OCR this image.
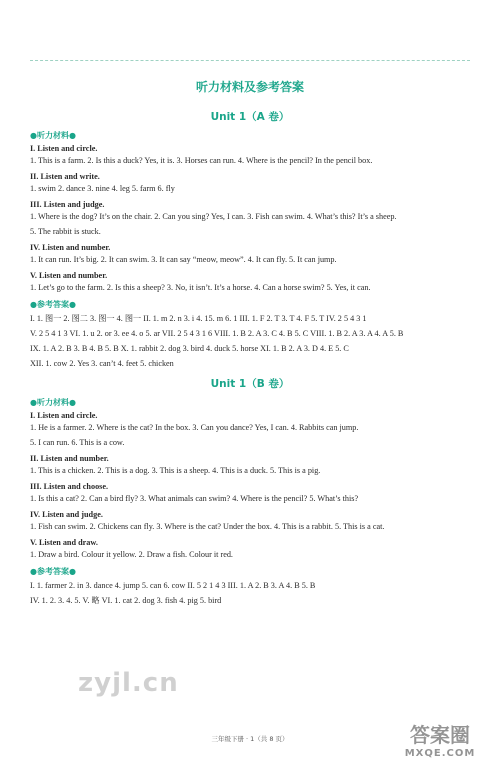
听力材料及参考答案
Unit 1（A 卷）
●听力材料●
I. Listen and circle.
1. This is a farm. 2. Is this a duck? Yes, it is. 3. Horses can run. 4. Where is the pencil? In the pencil box.
II. Listen and write.
1. swim 2. dance 3. nine 4. leg 5. farm 6. fly
III. Listen and judge.
1. Where is the dog? It’s on the chair. 2. Can you sing? Yes, I can. 3. Fish can swim. 4. What’s this? It’s a sheep.
5. The rabbit is stuck.
IV. Listen and number.
1. It can run. It’s big. 2. It can swim. 3. It can say “meow, meow”. 4. It can fly. 5. It can jump.
V. Listen and number.
1. Let’s go to the farm. 2. Is this a sheep? 3. No, it isn’t. It’s a horse. 4. Can a horse swim? 5. Yes, it can.
●参考答案●
I. 1. 图一 2. 图二 3. 图一 4. 图一 II. 1. m 2. n 3. i 4. 15. m 6. 1 III. 1. F 2. T 3. T 4. F 5. T IV. 2 5 4 3 1
V. 2 5 4 1 3 VI. 1. u 2. or 3. ee 4. o 5. ar VII. 2 5 4 3 1 6 VIII. 1. B 2. A 3. C 4. B 5. C VIII. 1. B 2. A 3. A 4. A 5. B
IX. 1. A 2. B 3. B 4. B 5. B X. 1. rabbit 2. dog 3. bird 4. duck 5. horse XI. 1. B 2. A 3. D 4. E 5. C
XII. 1. cow 2. Yes 3. can’t 4. feet 5. chicken
Unit 1（B 卷）
●听力材料●
I. Listen and circle.
1. He is a farmer. 2. Where is the cat? In the box. 3. Can you dance? Yes, I can. 4. Rabbits can jump.
5. I can run. 6. This is a cow.
II. Listen and number.
1. This is a chicken. 2. This is a dog. 3. This is a sheep. 4. This is a duck. 5. This is a pig.
III. Listen and choose.
1. Is this a cat? 2. Can a bird fly? 3. What animals can swim? 4. Where is the pencil? 5. What’s this?
IV. Listen and judge.
1. Fish can swim. 2. Chickens can fly. 3. Where is the cat? Under the box. 4. This is a rabbit. 5. This is a cat.
V. Listen and draw.
1. Draw a bird. Colour it yellow. 2. Draw a fish. Colour it red.
●参考答案●
I. 1. farmer 2. in 3. dance 4. jump 5. can 6. cow II. 5 2 1 4 3 III. 1. A 2. B 3. A 4. B 5. B
IV. 1. 2. 3. 4. 5. V. 略 VI. 1. cat 2. dog 3. fish 4. pig 5. bird
zyjl.cn
答案圈
MXQE.COM
三年级下册 · 1（共 8 页）
